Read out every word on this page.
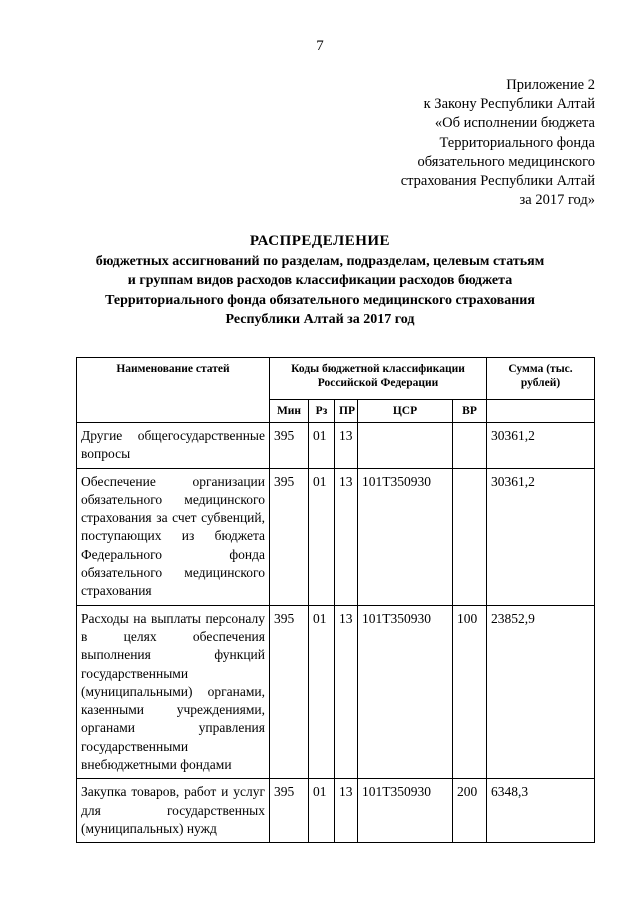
7
Приложение 2
к Закону Республики Алтай
«Об исполнении бюджета
Территориального фонда
обязательного медицинского
страхования Республики Алтай
за 2017 год»
РАСПРЕДЕЛЕНИЕ
бюджетных ассигнований по разделам, подразделам, целевым статьям
и группам видов расходов классификации расходов бюджета
Территориального фонда обязательного медицинского страхования
Республики Алтай за 2017 год
Наименование статей	Коды бюджетной классификации Российской Федерации					Сумма (тыс. рублей)
	Мин	Рз	ПР	ЦСР	ВР	
Другие общегосударственные вопросы	395	01	13			30361,2
Обеспечение организации обязательного медицинского страхования за счет субвенций, поступающих из бюджета Федерального фонда обязательного медицинского страхования	395	01	13	101Т350930		30361,2
Расходы на выплаты персоналу в целях обеспечения выполнения функций государственными (муниципальными) органами, казенными учреждениями, органами управления государственными внебюджетными фондами	395	01	13	101Т350930	100	23852,9
Закупка товаров, работ и услуг для государственных (муниципальных) нужд	395	01	13	101Т350930	200	6348,3
